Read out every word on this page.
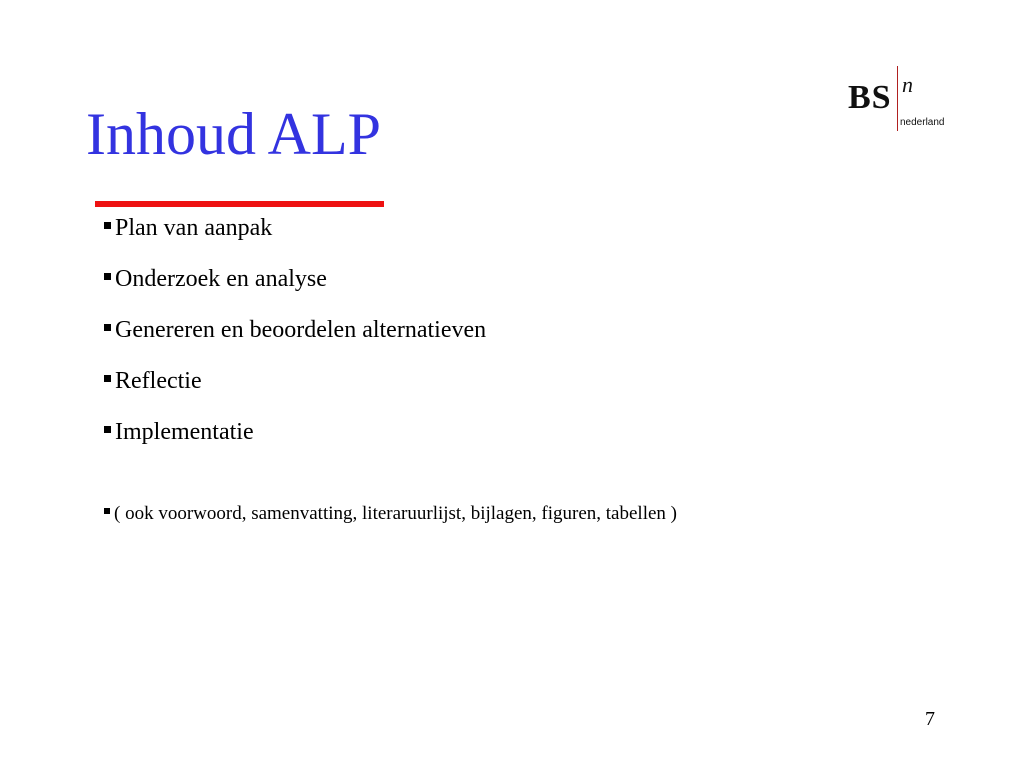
Inhoud ALP
BS n
nederland
Plan van aanpak
Onderzoek en analyse
Genereren en beoordelen alternatieven
Reflectie
Implementatie
( ook voorwoord, samenvatting, literaruurlijst, bijlagen, figuren, tabellen )
7
